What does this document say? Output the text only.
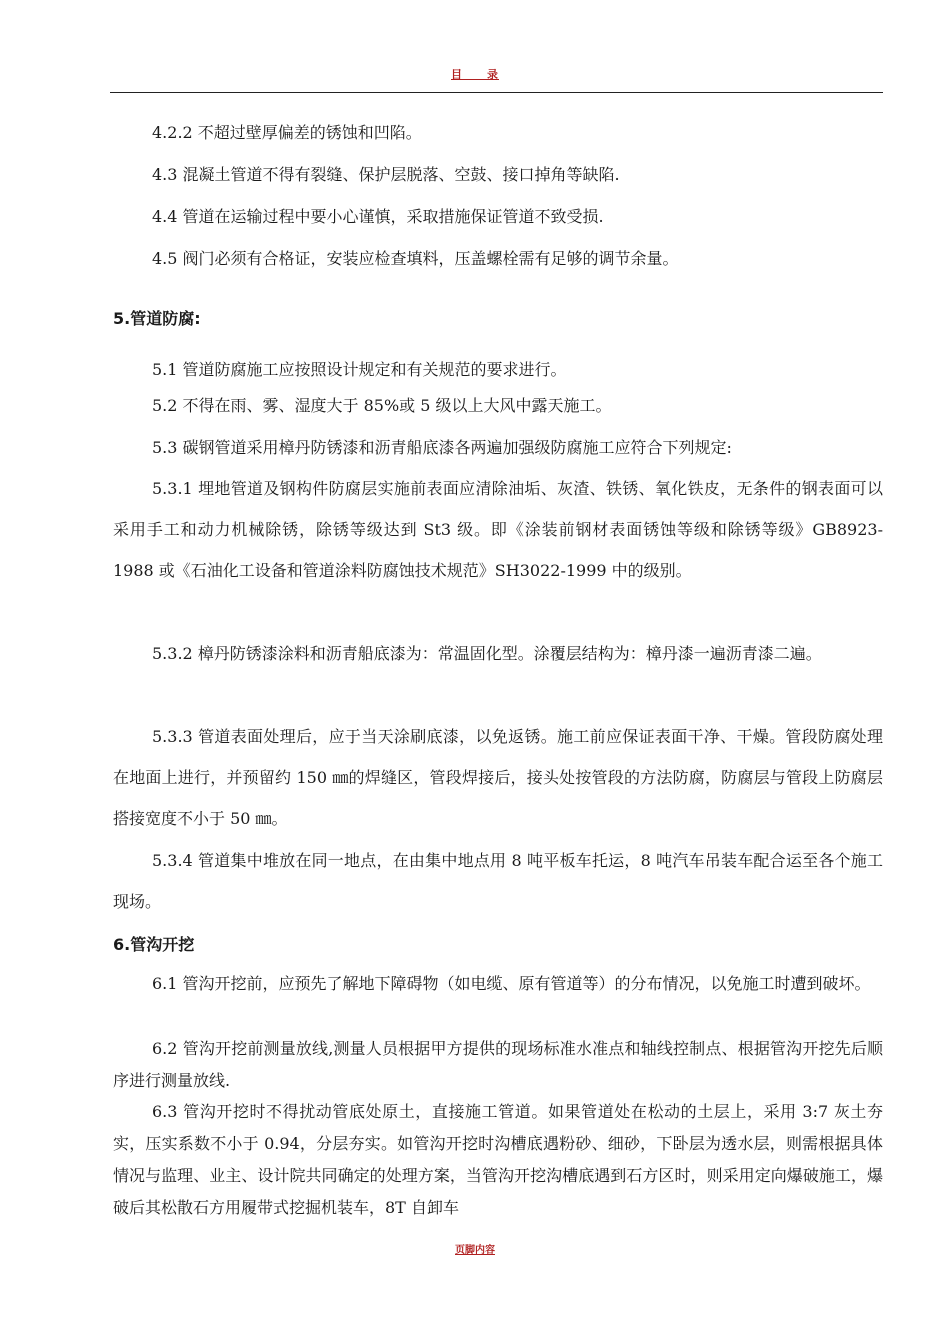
目　　录
4.2.2 不超过壁厚偏差的锈蚀和凹陷。
4.3 混凝土管道不得有裂缝、保护层脱落、空鼓、接口掉角等缺陷.
4.4 管道在运输过程中要小心谨慎，采取措施保证管道不致受损.
4.5 阀门必须有合格证，安装应检查填料，压盖螺栓需有足够的调节余量。
5.管道防腐:
5.1 管道防腐施工应按照设计规定和有关规范的要求进行。
5.2 不得在雨、雾、湿度大于 85%或 5 级以上大风中露天施工。
5.3 碳钢管道采用樟丹防锈漆和沥青船底漆各两遍加强级防腐施工应符合下列规定:
5.3.1 埋地管道及钢构件防腐层实施前表面应清除油垢、灰渣、铁锈、氧化铁皮，无条件的钢表面可以采用手工和动力机械除锈，除锈等级达到 St3 级。即《涂装前钢材表面锈蚀等级和除锈等级》GB8923-1988 或《石油化工设备和管道涂料防腐蚀技术规范》SH3022-1999 中的级别。
5.3.2 樟丹防锈漆涂料和沥青船底漆为：常温固化型。涂覆层结构为：樟丹漆一遍沥青漆二遍。
5.3.3 管道表面处理后，应于当天涂刷底漆，以免返锈。施工前应保证表面干净、干燥。管段防腐处理在地面上进行，并预留约 150 ㎜的焊缝区，管段焊接后，接头处按管段的方法防腐，防腐层与管段上防腐层搭接宽度不小于 50 ㎜。
5.3.4 管道集中堆放在同一地点，在由集中地点用 8 吨平板车托运，8 吨汽车吊装车配合运至各个施工现场。
6.管沟开挖
6.1 管沟开挖前，应预先了解地下障碍物（如电缆、原有管道等）的分布情况，以免施工时遭到破坏。
6.2 管沟开挖前测量放线,测量人员根据甲方提供的现场标准水准点和轴线控制点、根据管沟开挖先后顺序进行测量放线.
6.3 管沟开挖时不得扰动管底处原土，直接施工管道。如果管道处在松动的土层上，采用 3:7 灰土夯实，压实系数不小于 0.94，分层夯实。如管沟开挖时沟槽底遇粉砂、细砂，下卧层为透水层，则需根据具体情况与监理、业主、设计院共同确定的处理方案，当管沟开挖沟槽底遇到石方区时，则采用定向爆破施工，爆破后其松散石方用履带式挖掘机装车，8T 自卸车
页脚内容
